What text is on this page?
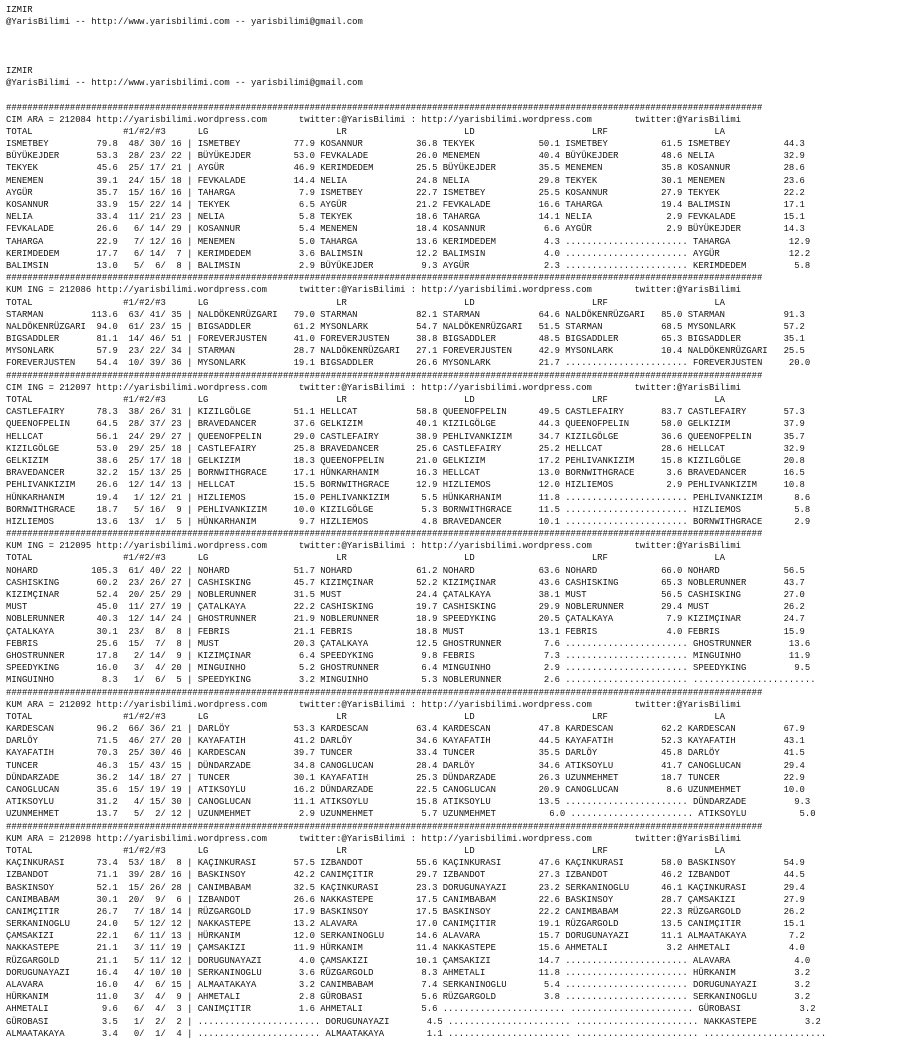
IZMIR
@YarisBilimi -- http://www.yarisbilimi.com -- yarisbilimi@gmail.com
IZMIR
@YarisBilimi -- http://www.yarisbilimi.com -- yarisbilimi@gmail.com
##############################################################################################################################################
CIM ARA = 212084 http://yarisbilimi.wordpress.com      twitter:@YarisBilimi : http://yarisbilimi.wordpress.com        twitter:@YarisBilimi
TOTAL                 #1/#2/#3      LG                        LR                      LD                      LRF                    LA
ISMETBEY         79.8  48/ 30/ 16 | ISMETBEY          77.9 KOSANNUR          36.8 TEKYEK            50.1 ISMETBEY          61.5 ISMETBEY          44.3
BÜYÜKEJDER       53.3  28/ 23/ 22 | BÜYÜKEJDER        53.0 FEVKALADE         26.0 MENEMEN           40.4 BÜYÜKEJDER        48.6 NELIA             32.9
TEKYEK           45.6  25/ 17/ 21 | AYGÜR             46.9 KERIMDEDEM        25.5 BÜYÜKEJDER        35.5 MENEMEN           35.8 KOSANNUR          28.6
MENEMEN          39.1  24/ 15/ 18 | FEVKALADE         14.4 NELIA             24.8 NELIA             29.8 TEKYEK            30.1 MENEMEN           23.6
AYGÜR            35.7  15/ 16/ 16 | TAHARGA            7.9 ISMETBEY          22.7 ISMETBEY          25.5 KOSANNUR          27.9 TEKYEK            22.2
KOSANNUR         33.9  15/ 22/ 14 | TEKYEK             6.5 AYGÜR             21.2 FEVKALADE         16.6 TAHARGA           19.4 BALIMSIN          17.1
NELIA            33.4  11/ 21/ 23 | NELIA              5.8 TEKYEK            18.6 TAHARGA           14.1 NELIA              2.9 FEVKALADE         15.1
FEVKALADE        26.6   6/ 14/ 29 | KOSANNUR           5.4 MENEMEN           18.4 KOSANNUR           6.6 AYGÜR              2.9 BÜYÜKEJDER        14.3
TAHARGA          22.9   7/ 12/ 16 | MENEMEN            5.0 TAHARGA           13.6 KERIMDEDEM         4.3 ....................... TAHARGA           12.9
KERIMDEDEM       17.7   6/ 14/  7 | KERIMDEDEM         3.6 BALIMSIN          12.2 BALIMSIN           4.0 ....................... AYGÜR             12.2
BALIMSIN         13.0   5/  6/  8 | BALIMSIN           2.9 BÜYÜKEJDER         9.3 AYGÜR              2.3 ....................... KERIMDEDEM         5.8
##############################################################################################################################################
KUM ING = 212086 http://yarisbilimi.wordpress.com      twitter:@YarisBilimi : http://yarisbilimi.wordpress.com        twitter:@YarisBilimi
TOTAL                 #1/#2/#3      LG                        LR                      LD                      LRF                    LA
STARMAN         113.6  63/ 41/ 35 | NALDÖKENRÜZGARI   79.0 STARMAN           82.1 STARMAN           64.6 NALDÖKENRÜZGARI   85.0 STARMAN           91.3
NALDÖKENRÜZGARI  94.0  61/ 23/ 15 | BIGSADDLER        61.2 MYSONLARK         54.7 NALDÖKENRÜZGARI   51.5 STARMAN           68.5 MYSONLARK         57.2
BIGSADDLER       81.1  14/ 46/ 51 | FOREVERJUSTEN     41.0 FOREVERJUSTEN     38.8 BIGSADDLER        48.5 BIGSADDLER        65.3 BIGSADDLER        35.1
MYSONLARK        57.9  23/ 22/ 34 | STARMAN           28.7 NALDÖKENRÜZGARI   27.1 FOREVERJUSTEN     42.9 MYSONLARK         10.4 NALDÖKENRÜZGARI   25.5
FOREVERJUSTEN    54.4  10/ 39/ 36 | MYSONLARK         19.1 BIGSADDLER        26.6 MYSONLARK         21.7 ....................... FOREVERJUSTEN     20.0
##############################################################################################################################################
CIM ING = 212097 http://yarisbilimi.wordpress.com      twitter:@YarisBilimi : http://yarisbilimi.wordpress.com        twitter:@YarisBilimi
TOTAL                 #1/#2/#3      LG                        LR                      LD                      LRF                    LA
CASTLEFAIRY      78.3  38/ 26/ 31 | KIZILGÖLGE        51.1 HELLCAT           58.8 QUEENOFPELIN      49.5 CASTLEFAIRY       83.7 CASTLEFAIRY       57.3
QUEENOFPELIN     64.5  28/ 37/ 23 | BRAVEDANCER       37.6 GELKIZIM          40.1 KIZILGÖLGE        44.3 QUEENOFPELIN      58.0 GELKIZIM          37.9
HELLCAT          56.1  24/ 29/ 27 | QUEENOFPELIN      29.0 CASTLEFAIRY       38.9 PEHLIVANKIZIM     34.7 KIZILGÖLGE        36.6 QUEENOFPELIN      35.7
KIZILGÖLGE       53.0  29/ 25/ 18 | CASTLEFAIRY       25.8 BRAVEDANCER       25.6 CASTLEFAIRY       25.2 HELLCAT           28.6 HELLCAT           32.9
GELKIZIM         38.6  25/ 17/ 18 | GELKIZIM          18.3 QUEENOFPELIN      21.0 GELKIZIM          17.2 PEHLIVANKIZIM     15.8 KIZILGÖLGE        20.8
BRAVEDANCER      32.2  15/ 13/ 25 | BORNWITHGRACE     17.1 HÜNKARHANIM       16.3 HELLCAT           13.0 BORNWITHGRACE      3.6 BRAVEDANCER       16.5
PEHLIVANKIZIM    26.6  12/ 14/ 13 | HELLCAT           15.5 BORNWITHGRACE     12.9 HIZLIEMOS         12.0 HIZLIEMOS          2.9 PEHLIVANKIZIM     10.8
HÜNKARHANIM      19.4   1/ 12/ 21 | HIZLIEMOS         15.0 PEHLIVANKIZIM      5.5 HÜNKARHANIM       11.8 ....................... PEHLIVANKIZIM      8.6
BORNWITHGRACE    18.7   5/ 16/  9 | PEHLIVANKIZIM     10.0 KIZILGÖLGE         5.3 BORNWITHGRACE     11.5 ....................... HIZLIEMOS          5.8
HIZLIEMOS        13.6  13/  1/  5 | HÜNKARHANIM        9.7 HIZLIEMOS          4.8 BRAVEDANCER       10.1 ....................... BORNWITHGRACE      2.9
##############################################################################################################################################
KUM ING = 212095 http://yarisbilimi.wordpress.com      twitter:@YarisBilimi : http://yarisbilimi.wordpress.com        twitter:@YarisBilimi
TOTAL                 #1/#2/#3      LG                        LR                      LD                      LRF                    LA
NOHARD          105.3  61/ 40/ 22 | NOHARD            51.7 NOHARD            61.2 NOHARD            63.6 NOHARD            66.0 NOHARD            56.5
CASHISKING       60.2  23/ 26/ 27 | CASHISKING        45.7 KIZIMÇINAR        52.2 KIZIMÇINAR        43.6 CASHISKING        65.3 NOBLERUNNER       43.7
KIZIMÇINAR       52.4  20/ 25/ 29 | NOBLERUNNER       31.5 MUST              24.4 ÇATALKAYA         38.1 MUST              56.5 CASHISKING        27.0
MUST             45.0  11/ 27/ 19 | ÇATALKAYA         22.2 CASHISKING        19.7 CASHISKING        29.9 NOBLERUNNER       29.4 MUST              26.2
NOBLERUNNER      40.3  12/ 14/ 24 | GHOSTRUNNER       21.9 NOBLERUNNER       18.9 SPEEDYKING        20.5 ÇATALKAYA          7.9 KIZIMÇINAR        24.7
ÇATALKAYA        30.1  23/  8/  8 | FEBRIS            21.1 FEBRIS            18.8 MUST              13.1 FEBRIS             4.0 FEBRIS            15.9
FEBRIS           25.6  15/  7/  8 | MUST              20.3 ÇATALKAYA         12.5 GHOSTRUNNER        7.6 ....................... GHOSTRUNNER       13.6
GHOSTRUNNER      17.8   2/ 14/  9 | KIZIMÇINAR         6.4 SPEEDYKING         9.8 FEBRIS             7.3 ....................... MINGUINHO         11.9
SPEEDYKING       16.0   3/  4/ 20 | MINGUINHO          5.2 GHOSTRUNNER        6.4 MINGUINHO          2.9 ....................... SPEEDYKING         9.5
MINGUINHO         8.3   1/  6/  5 | SPEEDYKING         3.2 MINGUINHO          5.3 NOBLERUNNER        2.6 ....................... .......................
##############################################################################################################################################
KUM ARA = 212092 http://yarisbilimi.wordpress.com      twitter:@YarisBilimi : http://yarisbilimi.wordpress.com        twitter:@YarisBilimi
TOTAL                 #1/#2/#3      LG                        LR                      LD                      LRF                    LA
KARDESCAN        96.2  66/ 36/ 21 | DARLÖY            53.3 KARDESCAN         63.4 KARDESCAN         47.8 KARDESCAN         62.2 KARDESCAN         67.9
DARLÖY           71.5  46/ 27/ 20 | KAYAFATIH         41.2 DARLÖY            34.6 KAYAFATIH         44.5 KAYAFATIH         52.3 KAYAFATIH         43.1
KAYAFATIH        70.3  25/ 30/ 46 | KARDESCAN         39.7 TUNCER            33.4 TUNCER            35.5 DARLÖY            45.8 DARLÖY            41.5
TUNCER           46.3  15/ 43/ 15 | DÜNDARZADE        34.8 CANOGLUCAN        28.4 DARLÖY            34.6 ATIKSOYLU         41.7 CANOGLUCAN        29.4
DÜNDARZADE       36.2  14/ 18/ 27 | TUNCER            30.1 KAYAFATIH         25.3 DÜNDARZADE        26.3 UZUNMEHMET        18.7 TUNCER            22.9
CANOGLUCAN       35.6  15/ 19/ 19 | ATIKSOYLU         16.2 DÜNDARZADE        22.5 CANOGLUCAN        20.9 CANOGLUCAN         8.6 UZUNMEHMET        10.0
ATIKSOYLU        31.2   4/ 15/ 30 | CANOGLUCAN        11.1 ATIKSOYLU         15.8 ATIKSOYLU         13.5 ....................... DÜNDARZADE         9.3
UZUNMEHMET       13.7   5/  2/ 12 | UZUNMEHMET         2.9 UZUNMEHMET         5.7 UZUNMEHMET          6.0 ....................... ATIKSOYLU          5.0
##############################################################################################################################################
KUM ARA = 212098 http://yarisbilimi.wordpress.com      twitter:@YarisBilimi : http://yarisbilimi.wordpress.com        twitter:@YarisBilimi
TOTAL                 #1/#2/#3      LG                        LR                      LD                      LRF                    LA
KAÇINKURASI      73.4  53/ 18/  8 | KAÇINKURASI       57.5 IZBANDOT          55.6 KAÇINKURASI       47.6 KAÇINKURASI       58.0 BASKINSOY         54.9
IZBANDOT         71.1  39/ 28/ 16 | BASKINSOY         42.2 CANIMÇITIR        29.7 IZBANDOT          27.3 IZBANDOT          46.2 IZBANDOT          44.5
BASKINSOY        52.1  15/ 26/ 28 | CANIMBABAM        32.5 KAÇINKURASI       23.3 DORUGUNAYAZI      23.2 SERKANINOGLU      46.1 KAÇINKURASI       29.4
CANIMBABAM       30.1  20/  9/  6 | IZBANDOT          26.6 NAKKASTEPE        17.5 CANIMBABAM        22.6 BASKINSOY         28.7 ÇAMSAKIZI         27.9
CANIMÇITIR       26.7   7/ 18/ 14 | RÜZGARGOLD        17.9 BASKINSOY         17.5 BASKINSOY         22.2 CANIMBABAM        22.3 RÜZGARGOLD        26.2
SERKANINOGLU     24.0   5/ 12/ 12 | NAKKASTEPE        13.2 ALAVARA           17.0 CANIMÇITIR        19.1 RÜZGARGOLD        13.5 CANIMÇITIR        15.1
ÇAMSAKIZI        22.1   6/ 11/ 13 | HÜRKANIM          12.0 SERKANINOGLU      14.6 ALAVARA           15.7 DORUGUNAYAZI      11.1 ALMAATAKAYA        7.2
NAKKASTEPE       21.1   3/ 11/ 19 | ÇAMSAKIZI         11.9 HÜRKANIM          11.4 NAKKASTEPE        15.6 AHMETALI           3.2 AHMETALI           4.0
RÜZGARGOLD       21.1   5/ 11/ 12 | DORUGUNAYAZI       4.0 ÇAMSAKIZI         10.1 ÇAMSAKIZI         14.7 ....................... ALAVARA            4.0
DORUGUNAYAZI     16.4   4/ 10/ 10 | SERKANINOGLU       3.6 RÜZGARGOLD         8.3 AHMETALI          11.8 ....................... HÜRKANIM           3.2
ALAVARA          16.0   4/  6/ 15 | ALMAATAKAYA        3.2 CANIMBABAM         7.4 SERKANINOGLU       5.4 ....................... DORUGUNAYAZI       3.2
HÜRKANIM         11.0   3/  4/  9 | AHMETALI           2.8 GÜROBASI           5.6 RÜZGARGOLD         3.8 ....................... SERKANINOGLU       3.2
AHMETALI          9.6   6/  4/  3 | CANIMÇITIR         1.6 AHMETALI           5.6 ....................... ....................... GÜROBASI           3.2
GÜROBASI          3.5   1/  2/  2 | ....................... DORUGUNAYAZI       4.5 ....................... ....................... NAKKASTEPE         3.2
ALMAATAKAYA       3.4   0/  1/  4 | ....................... ALMAATAKAYA        1.1 ....................... ....................... .......................
